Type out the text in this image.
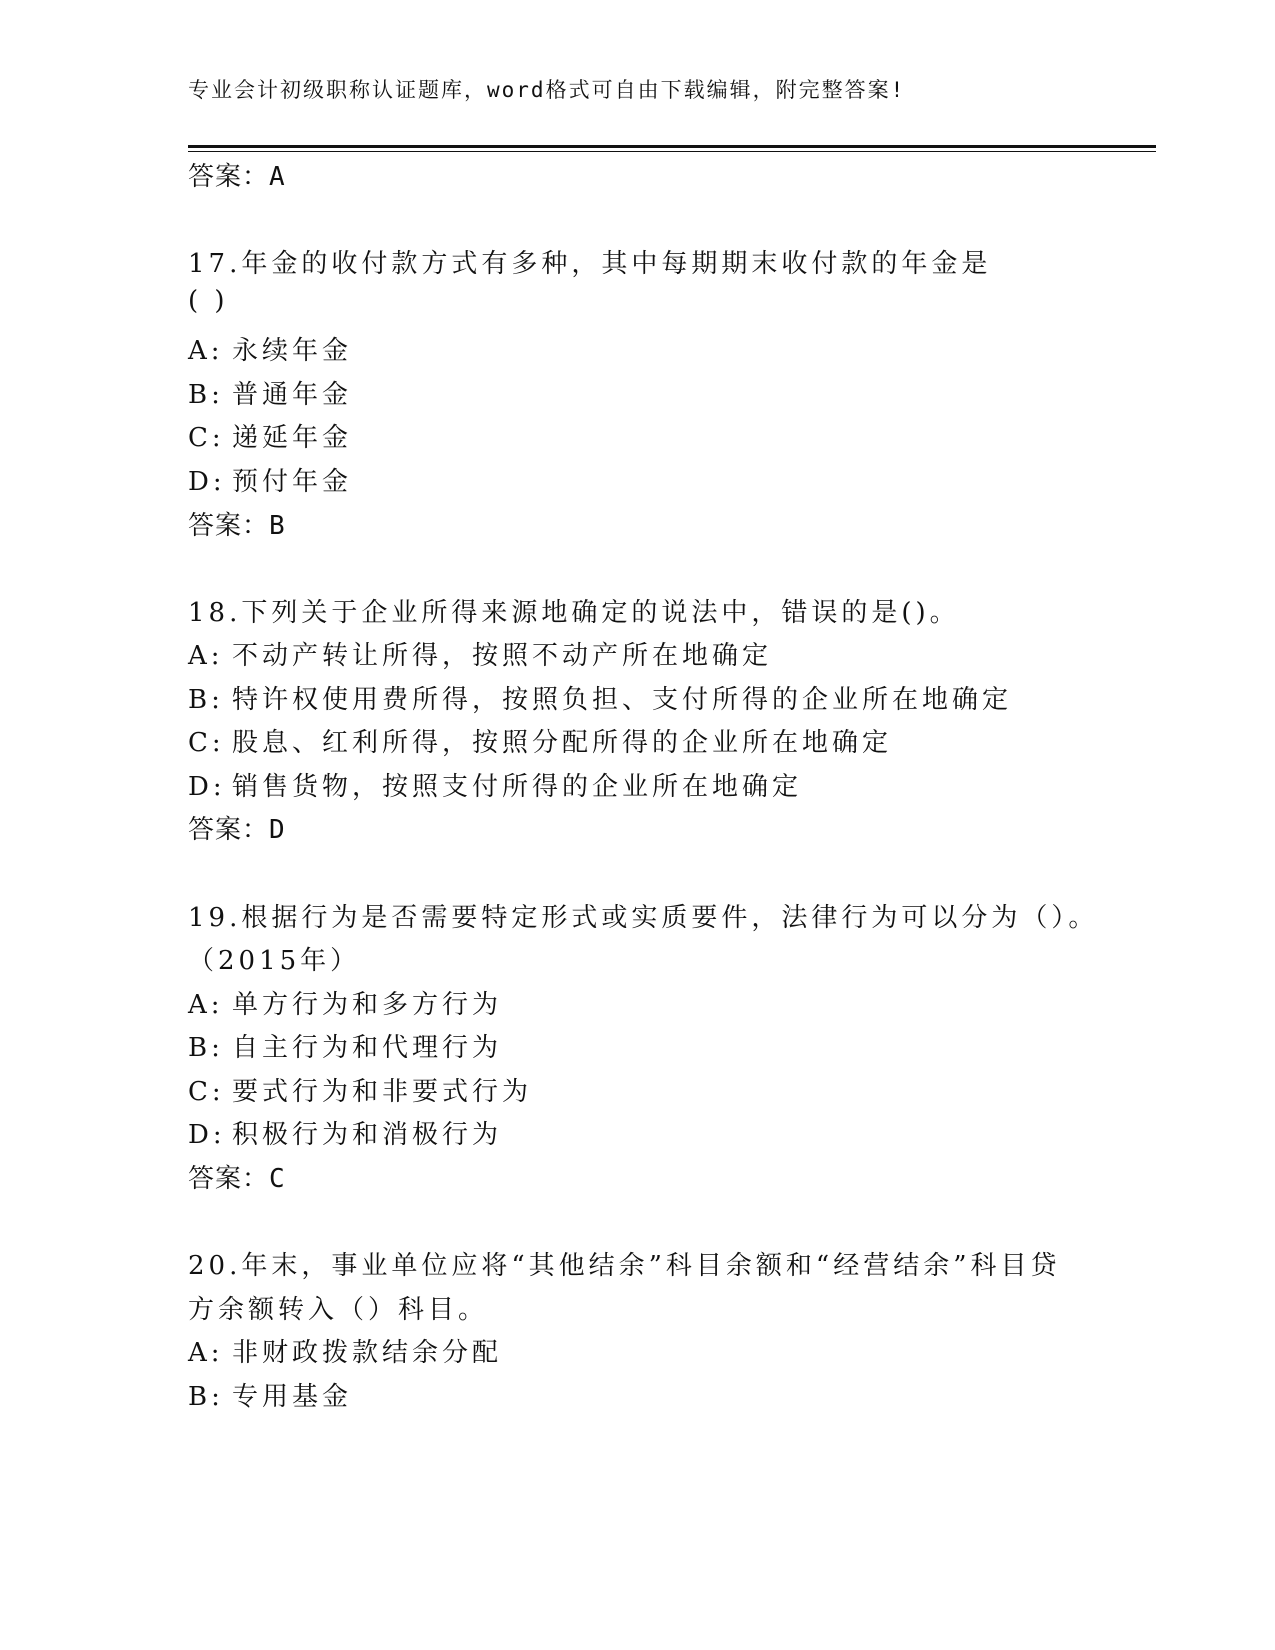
专业会计初级职称认证题库，word格式可自由下载编辑，附完整答案!
答案：A
17.年金的收付款方式有多种，其中每期期末收付款的年金是
( )
A: 永续年金
B: 普通年金
C: 递延年金
D: 预付年金
答案：B
18.下列关于企业所得来源地确定的说法中，错误的是()。
A: 不动产转让所得，按照不动产所在地确定
B: 特许权使用费所得，按照负担、支付所得的企业所在地确定
C: 股息、红利所得，按照分配所得的企业所在地确定
D: 销售货物，按照支付所得的企业所在地确定
答案：D
19.根据行为是否需要特定形式或实质要件，法律行为可以分为（）。
（2015年）
A: 单方行为和多方行为
B: 自主行为和代理行为
C: 要式行为和非要式行为
D: 积极行为和消极行为
答案：C
20.年末，事业单位应将“其他结余”科目余额和“经营结余”科目贷
方余额转入（）科目。
A: 非财政拨款结余分配
B: 专用基金
